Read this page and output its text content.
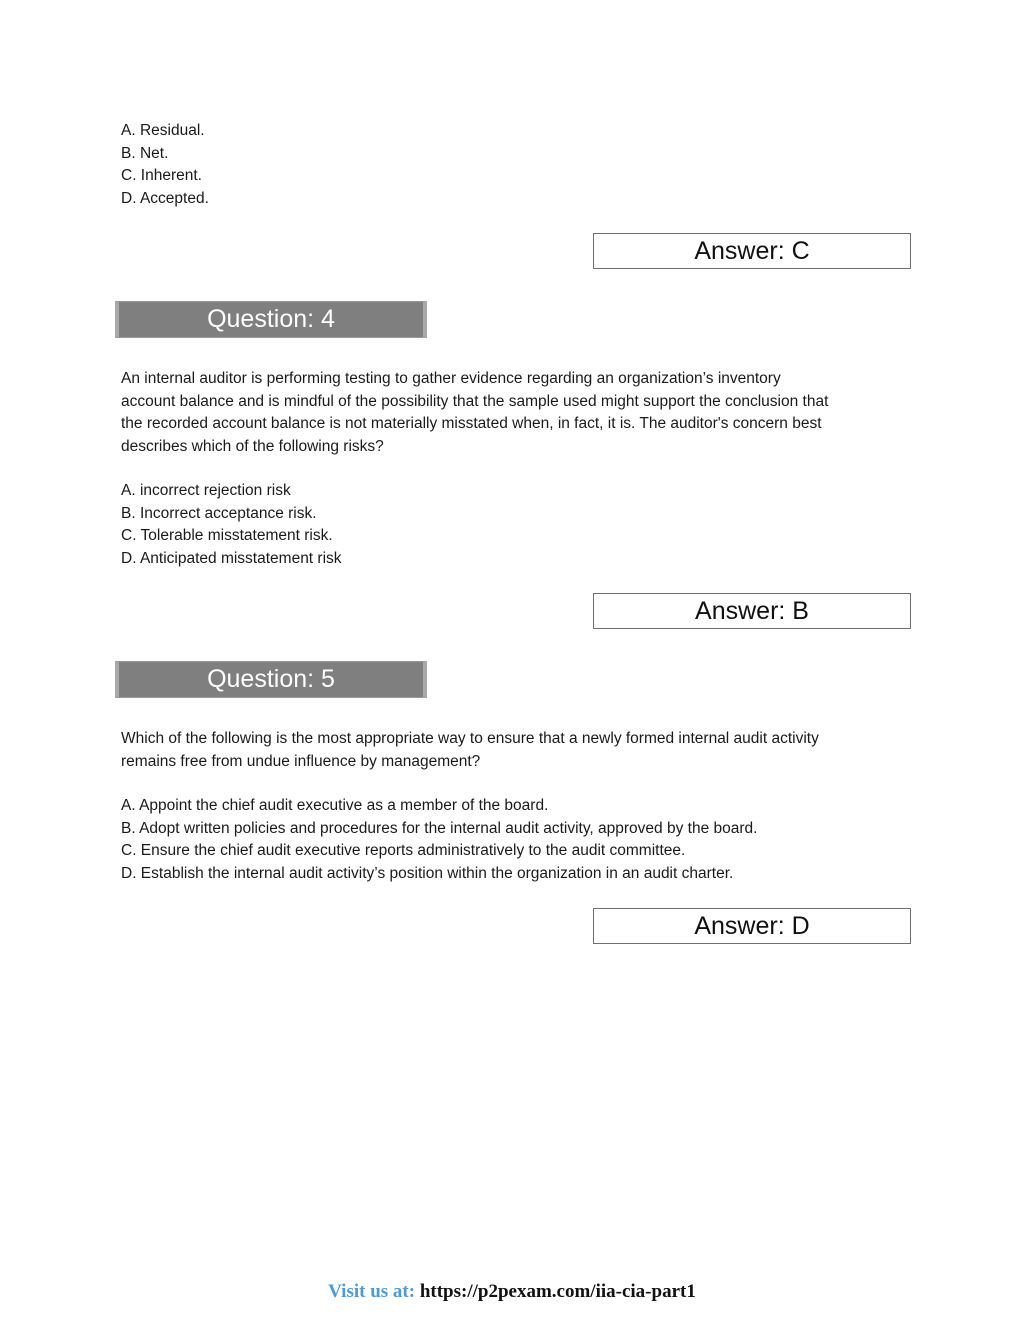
A. Residual.
B. Net.
C. Inherent.
D. Accepted.
Answer: C
Question: 4
An internal auditor is performing testing to gather evidence regarding an organization’s inventory
account balance and is mindful of the possibility that the sample used might support the conclusion that
the recorded account balance is not materially misstated when, in fact, it is. The auditor's concern best
describes which of the following risks?
A. incorrect rejection risk
B. Incorrect acceptance risk.
C. Tolerable misstatement risk.
D. Anticipated misstatement risk
Answer: B
Question: 5
Which of the following is the most appropriate way to ensure that a newly formed internal audit activity
remains free from undue influence by management?
A. Appoint the chief audit executive as a member of the board.
B. Adopt written policies and procedures for the internal audit activity, approved by the board.
C. Ensure the chief audit executive reports administratively to the audit committee.
D. Establish the internal audit activity’s position within the organization in an audit charter.
Answer: D
Visit us at: https://p2pexam.com/iia-cia-part1
